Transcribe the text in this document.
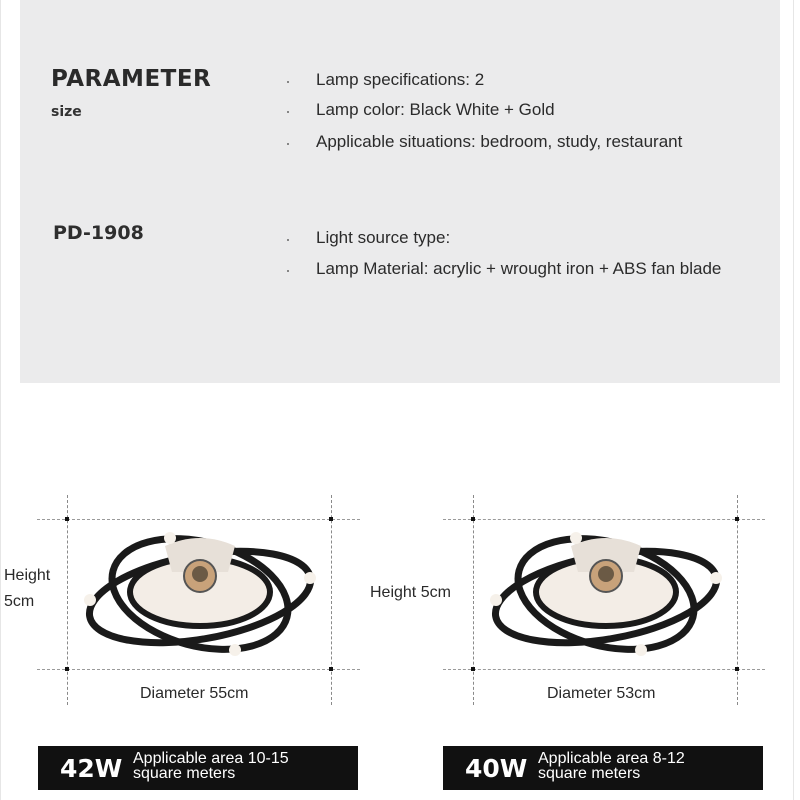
PARAMETER
size
PD-1908
Lamp specifications: 2
Lamp color: Black White + Gold
Applicable situations: bedroom, study, restaurant
Light source type:
Lamp Material: acrylic + wrought iron + ABS fan blade
Height
5cm
Diameter 55cm
42W Applicable area 10-15
square meters
Height 5cm
Diameter 53cm
40W Applicable area 8-12
square meters
